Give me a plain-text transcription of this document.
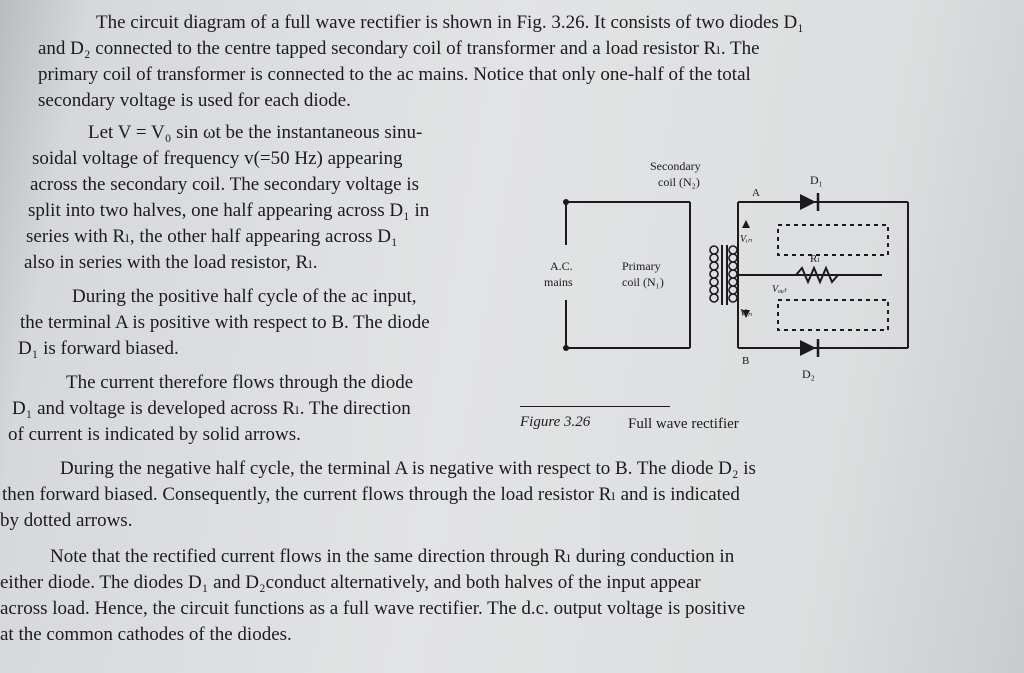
The circuit diagram of a full wave rectifier is shown in Fig. 3.26. It consists of two diodes D₁
and D₂ connected to the centre tapped secondary coil of transformer and a load resistor Rₗ. The
primary coil of transformer is connected to the ac mains. Notice that only one-half of the total
secondary voltage is used for each diode.
Let V = V₀ sin ωt be the instantaneous sinu-
soidal voltage of frequency v(=50 Hz) appearing
across the secondary coil. The secondary voltage is
split into two halves, one half appearing across D₁ in
series with Rₗ, the other half appearing across D₁
also in series with the load resistor, Rₗ.
During the positive half cycle of the ac input,
the terminal A is positive with respect to B. The diode
D₁ is forward biased.
The current therefore flows through the diode
D₁ and voltage is developed across Rₗ. The direction
of current is indicated by solid arrows.
During the negative half cycle, the terminal A is negative with respect to B. The diode D₂ is
then forward biased. Consequently, the current flows through the load resistor Rₗ and is indicated
by dotted arrows.
Note that the rectified current flows in the same direction through Rₗ during conduction in
either diode. The diodes D₁ and D₂conduct alternatively, and both halves of the input appear
across load. Hence, the circuit functions as a full wave rectifier. The d.c. output voltage is positive
at the common cathodes of the diodes.
Secondary
coil (N₂)
Primary
coil (N₁)
A.C.
mains
A
B
D₁
D₂
Rₗ
Vᵢₙ
Vᵢₙ
Vₒᵤₜ
Figure 3.26	Full wave rectifier
